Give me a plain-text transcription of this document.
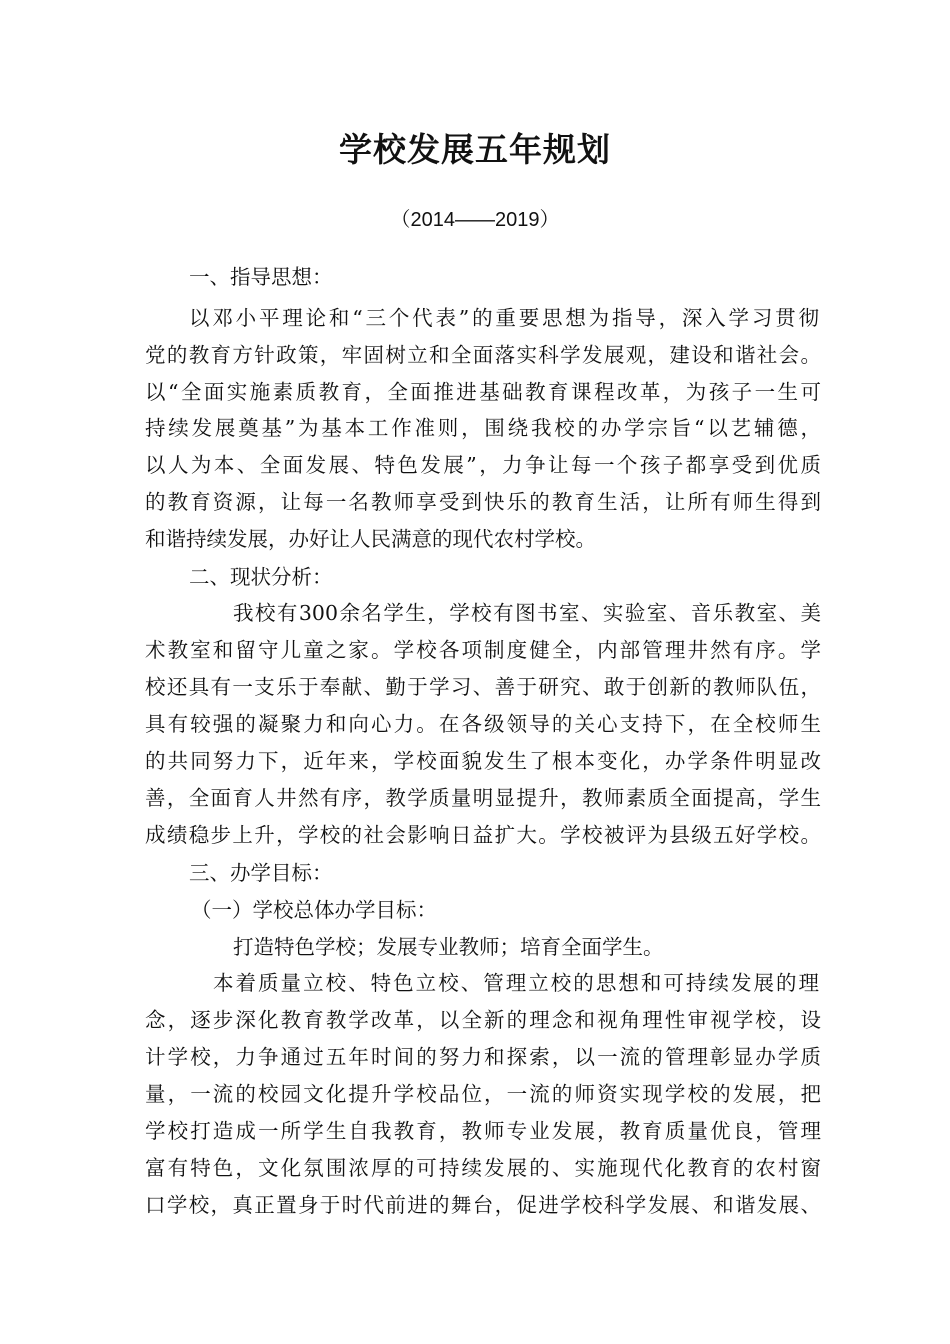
学校发展五年规划
（2014——2019）
一、指导思想：
以邓小平理论和“三个代表”的重要思想为指导，深入学习贯彻
党的教育方针政策，牢固树立和全面落实科学发展观，建设和谐社会。
以“全面实施素质教育，全面推进基础教育课程改革，为孩子一生可
持续发展奠基”为基本工作准则，围绕我校的办学宗旨“以艺辅德，
以人为本、全面发展、特色发展”，力争让每一个孩子都享受到优质
的教育资源，让每一名教师享受到快乐的教育生活，让所有师生得到
和谐持续发展，办好让人民满意的现代农村学校。
二、现状分析：
我校有300余名学生，学校有图书室、实验室、音乐教室、美
术教室和留守儿童之家。学校各项制度健全，内部管理井然有序。学
校还具有一支乐于奉献、勤于学习、善于研究、敢于创新的教师队伍，
具有较强的凝聚力和向心力。在各级领导的关心支持下，在全校师生
的共同努力下，近年来，学校面貌发生了根本变化，办学条件明显改
善，全面育人井然有序，教学质量明显提升，教师素质全面提高，学生
成绩稳步上升，学校的社会影响日益扩大。学校被评为县级五好学校。
三、办学目标：
（一）学校总体办学目标：
打造特色学校；发展专业教师；培育全面学生。
本着质量立校、特色立校、管理立校的思想和可持续发展的理
念，逐步深化教育教学改革，以全新的理念和视角理性审视学校，设
计学校，力争通过五年时间的努力和探索，以一流的管理彰显办学质
量，一流的校园文化提升学校品位，一流的师资实现学校的发展，把
学校打造成一所学生自我教育，教师专业发展，教育质量优良，管理
富有特色，文化氛围浓厚的可持续发展的、实施现代化教育的农村窗
口学校，真正置身于时代前进的舞台，促进学校科学发展、和谐发展、
